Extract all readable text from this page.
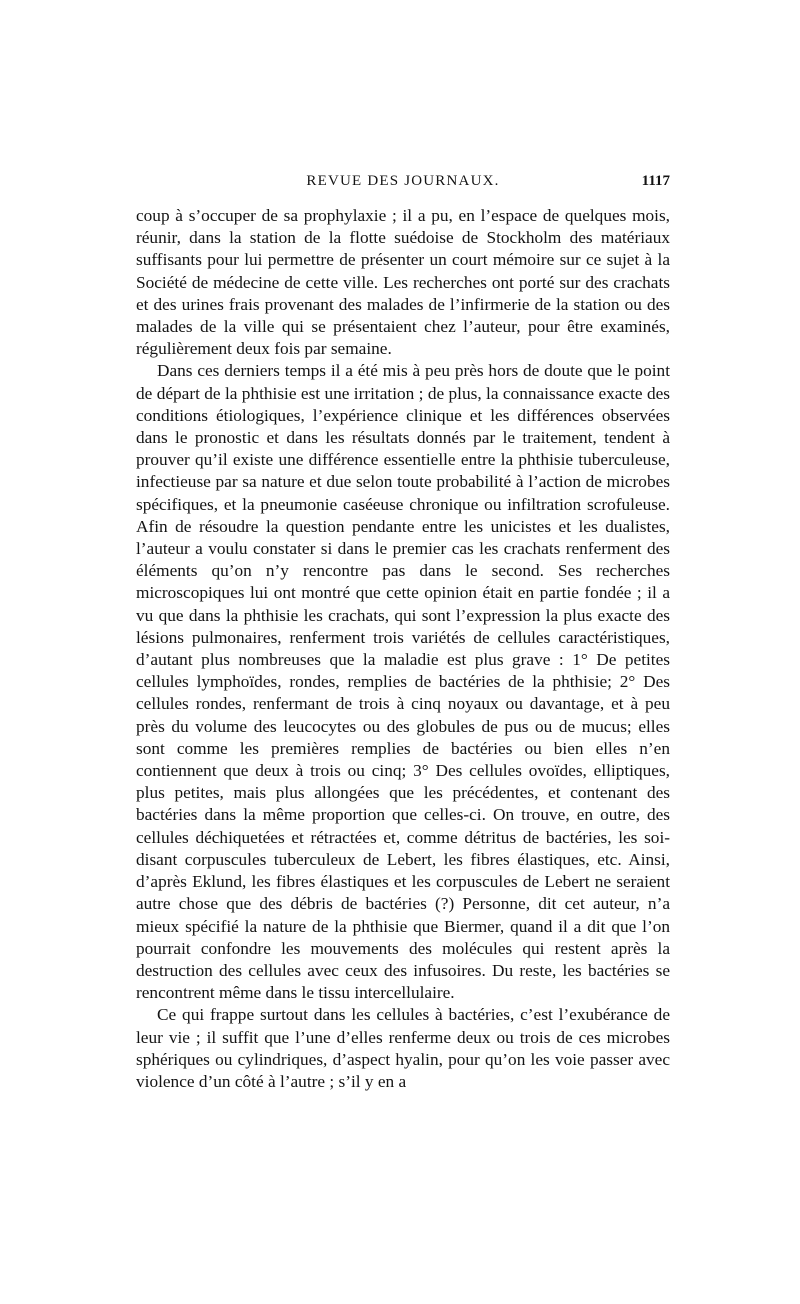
REVUE DES JOURNAUX.	1117

coup à s’occuper de sa prophylaxie ; il a pu, en l’espace de quelques mois, réunir, dans la station de la flotte suédoise de Stockholm des matériaux suffisants pour lui permettre de présenter un court mémoire sur ce sujet à la Société de médecine de cette ville. Les recherches ont porté sur des crachats et des urines frais provenant des malades de l’infirmerie de la station ou des malades de la ville qui se présentaient chez l’auteur, pour être examinés, régulièrement deux fois par semaine.

Dans ces derniers temps il a été mis à peu près hors de doute que le point de départ de la phthisie est une irritation ; de plus, la connaissance exacte des conditions étiologiques, l’expérience clinique et les différences observées dans le pronostic et dans les résultats donnés par le traitement, tendent à prouver qu’il existe une différence essentielle entre la phthisie tuberculeuse, infectieuse par sa nature et due selon toute probabilité à l’action de microbes spécifiques, et la pneumonie caséeuse chronique ou infiltration scrofuleuse. Afin de résoudre la question pendante entre les unicistes et les dualistes, l’auteur a voulu constater si dans le premier cas les crachats renferment des éléments qu’on n’y rencontre pas dans le second. Ses recherches microscopiques lui ont montré que cette opinion était en partie fondée ; il a vu que dans la phthisie les crachats, qui sont l’expression la plus exacte des lésions pulmonaires, renferment trois variétés de cellules caractéristiques, d’autant plus nombreuses que la maladie est plus grave : 1° De petites cellules lymphoïdes, rondes, remplies de bactéries de la phthisie; 2° Des cellules rondes, renfermant de trois à cinq noyaux ou davantage, et à peu près du volume des leucocytes ou des globules de pus ou de mucus; elles sont comme les premières remplies de bactéries ou bien elles n’en contiennent que deux à trois ou cinq; 3° Des cellules ovoïdes, elliptiques, plus petites, mais plus allongées que les précédentes, et contenant des bactéries dans la même proportion que celles-ci. On trouve, en outre, des cellules déchiquetées et rétractées et, comme détritus de bactéries, les soi-disant corpuscules tuberculeux de Lebert, les fibres élastiques, etc. Ainsi, d’après Eklund, les fibres élastiques et les corpuscules de Lebert ne seraient autre chose que des débris de bactéries (?) Personne, dit cet auteur, n’a mieux spécifié la nature de la phthisie que Biermer, quand il a dit que l’on pourrait confondre les mouvements des molécules qui restent après la destruction des cellules avec ceux des infusoires. Du reste, les bactéries se rencontrent même dans le tissu intercellulaire.

Ce qui frappe surtout dans les cellules à bactéries, c’est l’exubérance de leur vie ; il suffit que l’une d’elles renferme deux ou trois de ces microbes sphériques ou cylindriques, d’aspect hyalin, pour qu’on les voie passer avec violence d’un côté à l’autre ; s’il y en a
